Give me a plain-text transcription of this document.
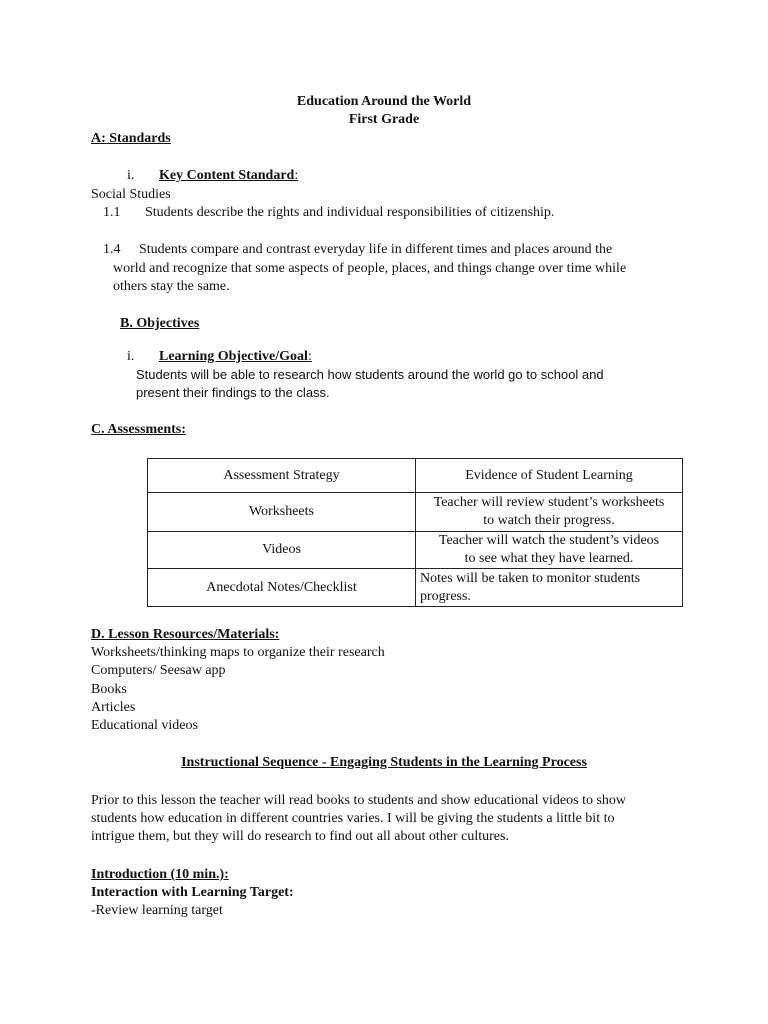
Education Around the World
First Grade
A: Standards
i. Key Content Standard:
Social Studies
1.1 Students describe the rights and individual responsibilities of citizenship.
1.4 Students compare and contrast everyday life in different times and places around the
world and recognize that some aspects of people, places, and things change over time while
others stay the same.
B. Objectives
i. Learning Objective/Goal:
Students will be able to research how students around the world go to school and
present their findings to the class.
C. Assessments:
Assessment Strategy	Evidence of Student Learning
Worksheets	Teacher will review student’s worksheets
to watch their progress.

Videos	Teacher will watch the student’s videos
to see what they have learned.

Anecdotal Notes/Checklist	Notes will be taken to monitor students
progress.
D. Lesson Resources/Materials:
Worksheets/thinking maps to organize their research
Computers/ Seesaw app
Books
Articles
Educational videos
Instructional Sequence - Engaging Students in the Learning Process
Prior to this lesson the teacher will read books to students and show educational videos to show
students how education in different countries varies. I will be giving the students a little bit to
intrigue them, but they will do research to find out all about other cultures.
Introduction (10 min.):
Interaction with Learning Target:
-Review learning target
